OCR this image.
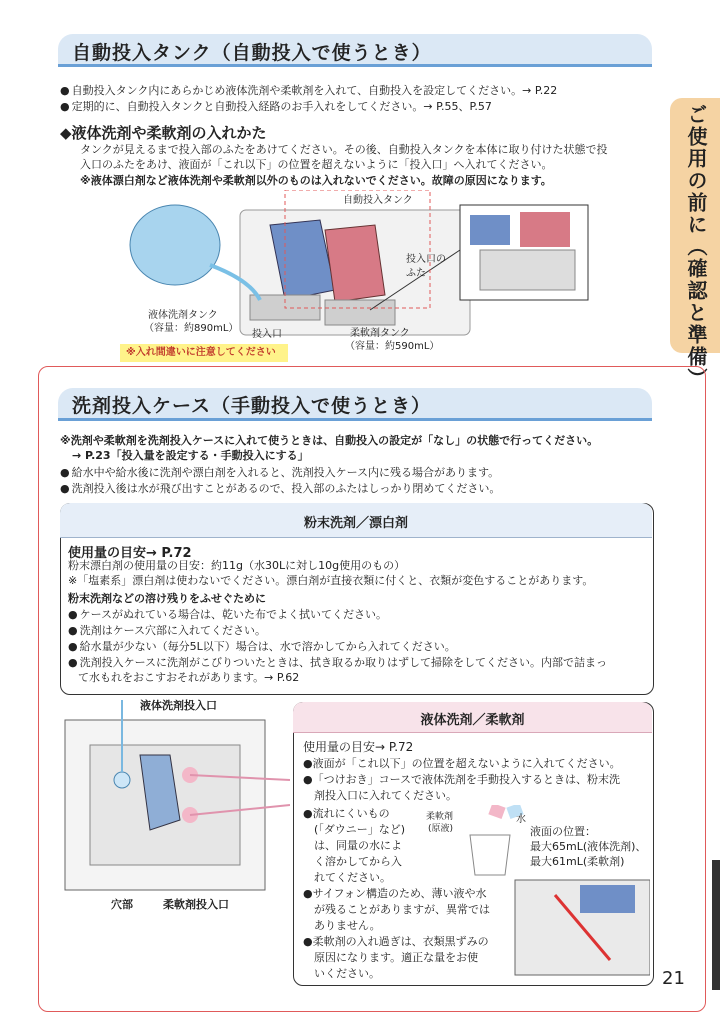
自動投入タンク（自動投入で使うとき）
● 自動投入タンク内にあらかじめ液体洗剤や柔軟剤を入れて、自動投入を設定してください。→ P.22
● 定期的に、自動投入タンクと自動投入経路のお手入れをしてください。→ P.55、P.57
◆液体洗剤や柔軟剤の入れかた
タンクが見えるまで投入部のふたをあけてください。その後、自動投入タンクを本体に取り付けた状態で投
入口のふたをあけ、液面が「これ以下」の位置を超えないように「投入口」へ入れてください。
※液体漂白剤など液体洗剤や柔軟剤以外のものは入れないでください。故障の原因になります。
自動投入タンク
投入口の
ふた
液体洗剤タンク
（容量：約890mL）
投入口	柔軟剤タンク
（容量：約590mL）
※入れ間違いに注意してください	ご使用の前に（確認と準備）
洗剤投入ケース（手動投入で使うとき）
※洗剤や柔軟剤を洗剤投入ケースに入れて使うときは、自動投入の設定が「なし」の状態で行ってください。
→ P.23「投入量を設定する・手動投入にする」
● 給水中や給水後に洗剤や漂白剤を入れると、洗剤投入ケース内に残る場合があります。
● 洗剤投入後は水が飛び出すことがあるので、投入部のふたはしっかり閉めてください。
粉末洗剤／漂白剤
使用量の目安→ P.72
粉末漂白剤の使用量の目安：約11g（水30Lに対し10g使用のもの）
※「塩素系」漂白剤は使わないでください。漂白剤が直接衣類に付くと、衣類が変色することがあります。
粉末洗剤などの溶け残りをふせぐために
● ケースがぬれている場合は、乾いた布でよく拭いてください。
● 洗剤はケース穴部に入れてください。
● 給水量が少ない（毎分5L以下）場合は、水で溶かしてから入れてください。
● 洗剤投入ケースに洗剤がこびりついたときは、拭き取るか取りはずして掃除をしてください。内部で詰まっ
て水もれをおこすおそれがあります。→ P.62
液体洗剤投入口
穴部	柔軟剤投入口
液体洗剤／柔軟剤
使用量の目安→ P.72
●液面が「これ以下」の位置を超えないように入れてください。
●「つけおき」コースで液体洗剤を手動投入するときは、粉末洗
　剤投入口に入れてください。
●流れにくいもの
　(「ダウニー」など)
　は、同量の水によ
　く溶かしてから入
　れてください。
●サイフォン構造のため、薄い液や水
　が残ることがありますが、異常では
　ありません。
●柔軟剤の入れ過ぎは、衣類黒ずみの
　原因になります。適正な量をお使
　いください。
柔軟剤
(原液)
水
液面の位置：
最大65mL(液体洗剤)、
最大61mL(柔軟剤)
21
